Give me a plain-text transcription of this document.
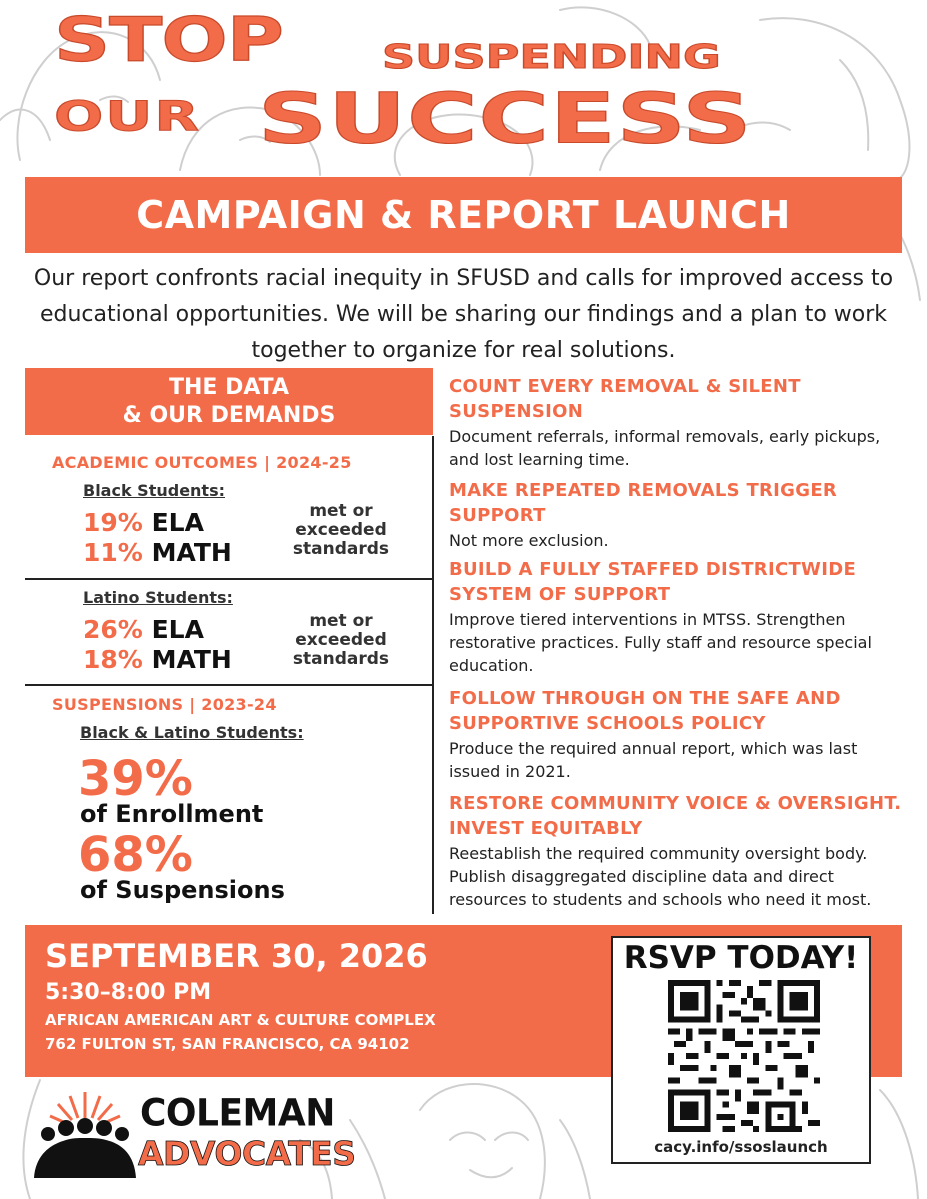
STOP SUSPENDING
OUR SUCCESS
CAMPAIGN & REPORT LAUNCH
Our report confronts racial inequity in SFUSD and calls for improved access to educational opportunities. We will be sharing our findings and a plan to work together to organize for real solutions.
THE DATA
& OUR DEMANDS
ACADEMIC OUTCOMES | 2024-25
Black Students:
19% ELA
11% MATH
met or
exceeded
standards
Latino Students:
26% ELA
18% MATH
met or
exceeded
standards
SUSPENSIONS | 2023-24
Black & Latino Students:
39%
of Enrollment
68%
of Suspensions
COUNT EVERY REMOVAL & SILENT SUSPENSION

Document referrals, informal removals, early pickups, and lost learning time.

MAKE REPEATED REMOVALS TRIGGER SUPPORT

Not more exclusion.

BUILD A FULLY STAFFED DISTRICTWIDE SYSTEM OF SUPPORT

Improve tiered interventions in MTSS. Strengthen restorative practices. Fully staff and resource special education.

FOLLOW THROUGH ON THE SAFE AND SUPPORTIVE SCHOOLS POLICY

Produce the required annual report, which was last issued in 2021.

RESTORE COMMUNITY VOICE & OVERSIGHT. INVEST EQUITABLY

Reestablish the required community oversight body. Publish disaggregated discipline data and direct resources to students and schools who need it most.

SEPTEMBER 30, 2026
5:30–8:00 PM
AFRICAN AMERICAN ART & CULTURE COMPLEX
762 FULTON ST, SAN FRANCISCO, CA 94102
RSVP TODAY!
cacy.info/ssoslaunch
COLEMAN
ADVOCATES
